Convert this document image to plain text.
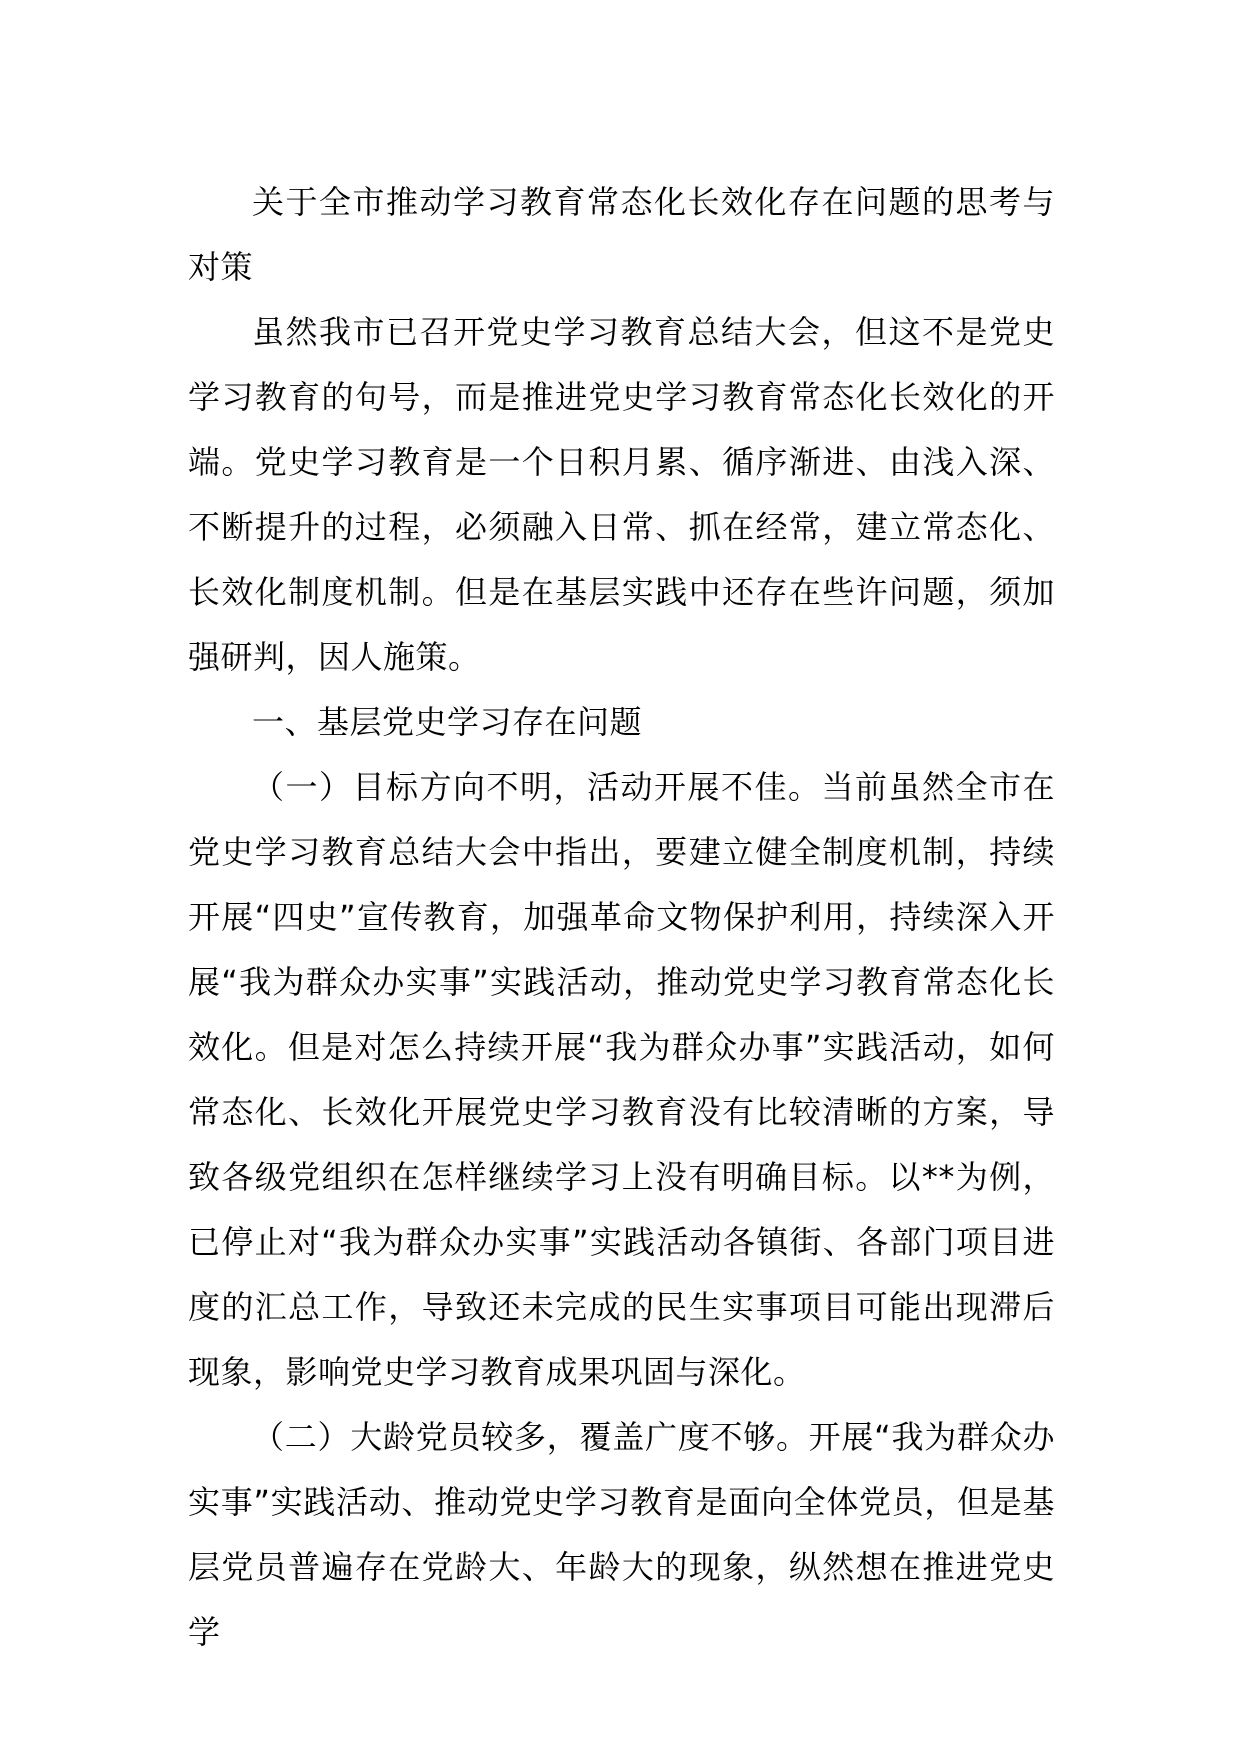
关于全市推动学习教育常态化长效化存在问题的思考与对策

虽然我市已召开党史学习教育总结大会，但这不是党史学习教育的句号，而是推进党史学习教育常态化长效化的开端。党史学习教育是一个日积月累、循序渐进、由浅入深、不断提升的过程，必须融入日常、抓在经常，建立常态化、长效化制度机制。但是在基层实践中还存在些许问题，须加强研判，因人施策。

一、基层党史学习存在问题

（一）目标方向不明，活动开展不佳。当前虽然全市在党史学习教育总结大会中指出，要建立健全制度机制，持续开展“四史”宣传教育，加强革命文物保护利用，持续深入开展“我为群众办实事”实践活动，推动党史学习教育常态化长效化。但是对怎么持续开展“我为群众办事”实践活动，如何常态化、长效化开展党史学习教育没有比较清晰的方案，导致各级党组织在怎样继续学习上没有明确目标。以**为例，已停止对“我为群众办实事”实践活动各镇街、各部门项目进度的汇总工作，导致还未完成的民生实事项目可能出现滞后现象，影响党史学习教育成果巩固与深化。

（二）大龄党员较多，覆盖广度不够。开展“我为群众办实事”实践活动、推动党史学习教育是面向全体党员，但是基层党员普遍存在党龄大、年龄大的现象，纵然想在推进党史学
